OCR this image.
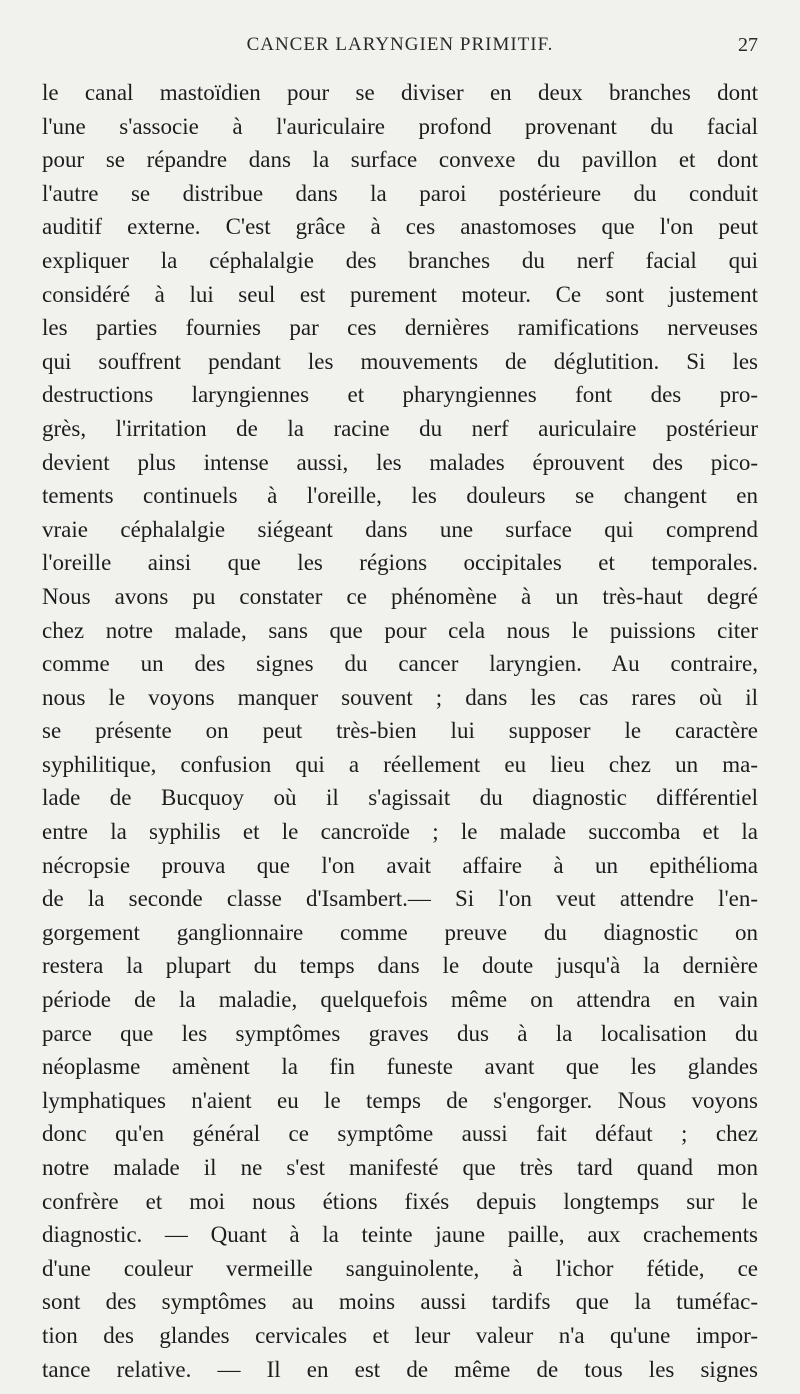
CANCER LARYNGIEN PRIMITIF.	27
le canal mastoïdien pour se diviser en deux branches dont
l'une s'associe à l'auriculaire profond provenant du facial
pour se répandre dans la surface convexe du pavillon et dont
l'autre se distribue dans la paroi postérieure du conduit
auditif externe. C'est grâce à ces anastomoses que l'on peut
expliquer la céphalalgie des branches du nerf facial qui
considéré à lui seul est purement moteur. Ce sont justement
les parties fournies par ces dernières ramifications nerveuses
qui souffrent pendant les mouvements de déglutition. Si les
destructions laryngiennes et pharyngiennes font des pro-
grès, l'irritation de la racine du nerf auriculaire postérieur
devient plus intense aussi, les malades éprouvent des pico-
tements continuels à l'oreille, les douleurs se changent en
vraie céphalalgie siégeant dans une surface qui comprend
l'oreille ainsi que les régions occipitales et temporales.
Nous avons pu constater ce phénomène à un très-haut degré
chez notre malade, sans que pour cela nous le puissions citer
comme un des signes du cancer laryngien. Au contraire,
nous le voyons manquer souvent ; dans les cas rares où il
se présente on peut très-bien lui supposer le caractère
syphilitique, confusion qui a réellement eu lieu chez un ma-
lade de Bucquoy où il s'agissait du diagnostic différentiel
entre la syphilis et le cancroïde ; le malade succomba et la
nécropsie prouva que l'on avait affaire à un epithélioma
de la seconde classe d'Isambert.— Si l'on veut attendre l'en-
gorgement ganglionnaire comme preuve du diagnostic on
restera la plupart du temps dans le doute jusqu'à la dernière
période de la maladie, quelquefois même on attendra en vain
parce que les symptômes graves dus à la localisation du
néoplasme amènent la fin funeste avant que les glandes
lymphatiques n'aient eu le temps de s'engorger. Nous voyons
donc qu'en général ce symptôme aussi fait défaut ; chez
notre malade il ne s'est manifesté que très tard quand mon
confrère et moi nous étions fixés depuis longtemps sur le
diagnostic. — Quant à la teinte jaune paille, aux crachements
d'une couleur vermeille sanguinolente, à l'ichor fétide, ce
sont des symptômes au moins aussi tardifs que la tuméfac-
tion des glandes cervicales et leur valeur n'a qu'une impor-
tance relative. — Il en est de même de tous les signes
